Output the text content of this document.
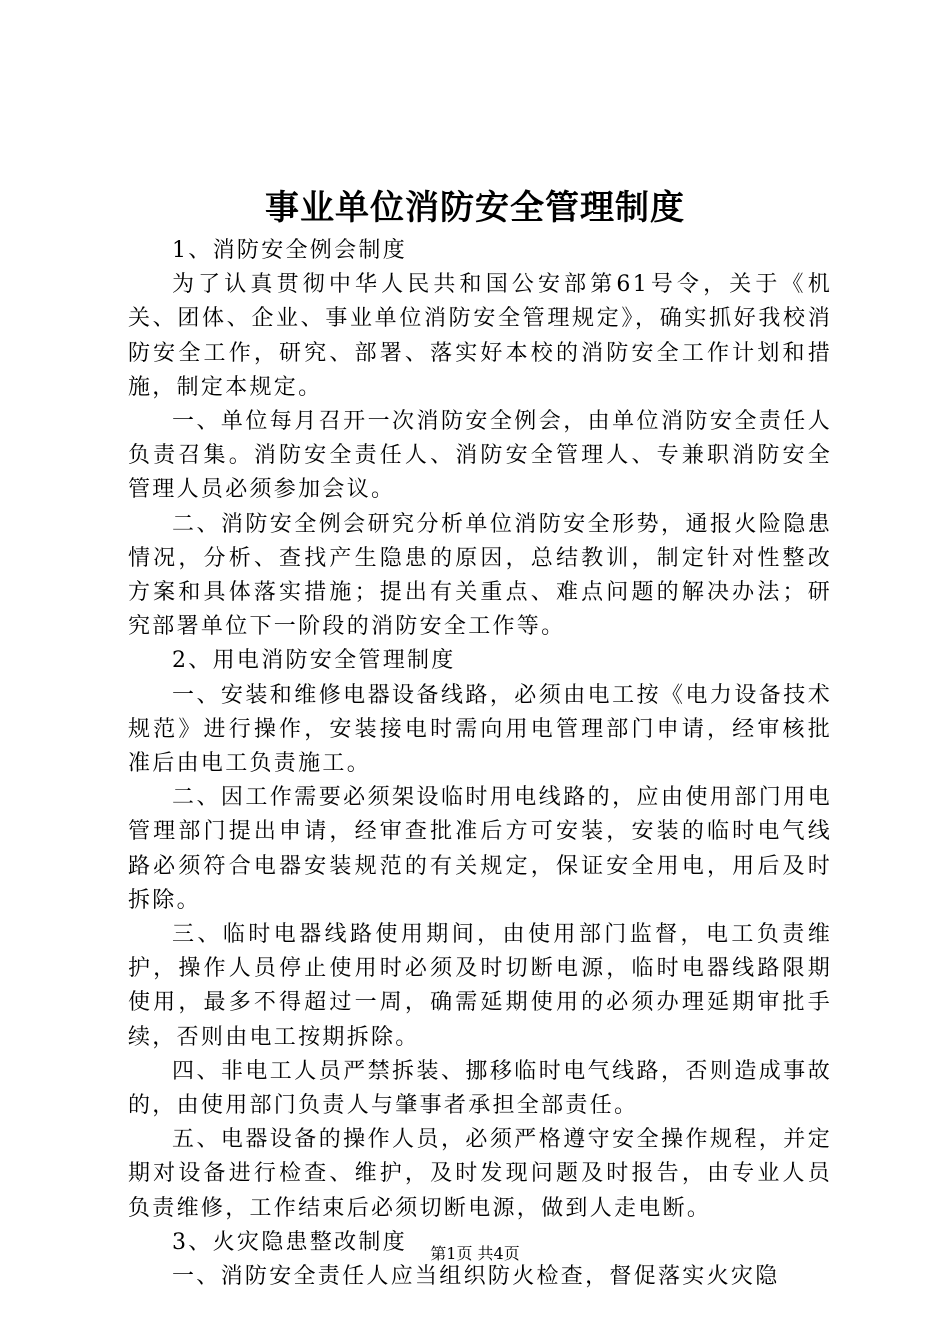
事业单位消防安全管理制度

1、消防安全例会制度

为了认真贯彻中华人民共和国公安部第61号令，关于《机关、团体、企业、事业单位消防安全管理规定》，确实抓好我校消防安全工作，研究、部署、落实好本校的消防安全工作计划和措施，制定本规定。

一、单位每月召开一次消防安全例会，由单位消防安全责任人负责召集。消防安全责任人、消防安全管理人、专兼职消防安全管理人员必须参加会议。

二、消防安全例会研究分析单位消防安全形势，通报火险隐患情况，分析、查找产生隐患的原因，总结教训，制定针对性整改方案和具体落实措施；提出有关重点、难点问题的解决办法；研究部署单位下一阶段的消防安全工作等。

2、用电消防安全管理制度

一、安装和维修电器设备线路，必须由电工按《电力设备技术规范》进行操作，安装接电时需向用电管理部门申请，经审核批准后由电工负责施工。

二、因工作需要必须架设临时用电线路的，应由使用部门用电管理部门提出申请，经审查批准后方可安装，安装的临时电气线路必须符合电器安装规范的有关规定，保证安全用电，用后及时拆除。

三、临时电器线路使用期间，由使用部门监督，电工负责维护，操作人员停止使用时必须及时切断电源，临时电器线路限期使用，最多不得超过一周，确需延期使用的必须办理延期审批手续，否则由电工按期拆除。

四、非电工人员严禁拆装、挪移临时电气线路，否则造成事故的，由使用部门负责人与肇事者承担全部责任。

五、电器设备的操作人员，必须严格遵守安全操作规程，并定期对设备进行检查、维护，及时发现问题及时报告，由专业人员负责维修，工作结束后必须切断电源，做到人走电断。

3、火灾隐患整改制度

一、消防安全责任人应当组织防火检查，督促落实火灾隐

第1页 共4页
